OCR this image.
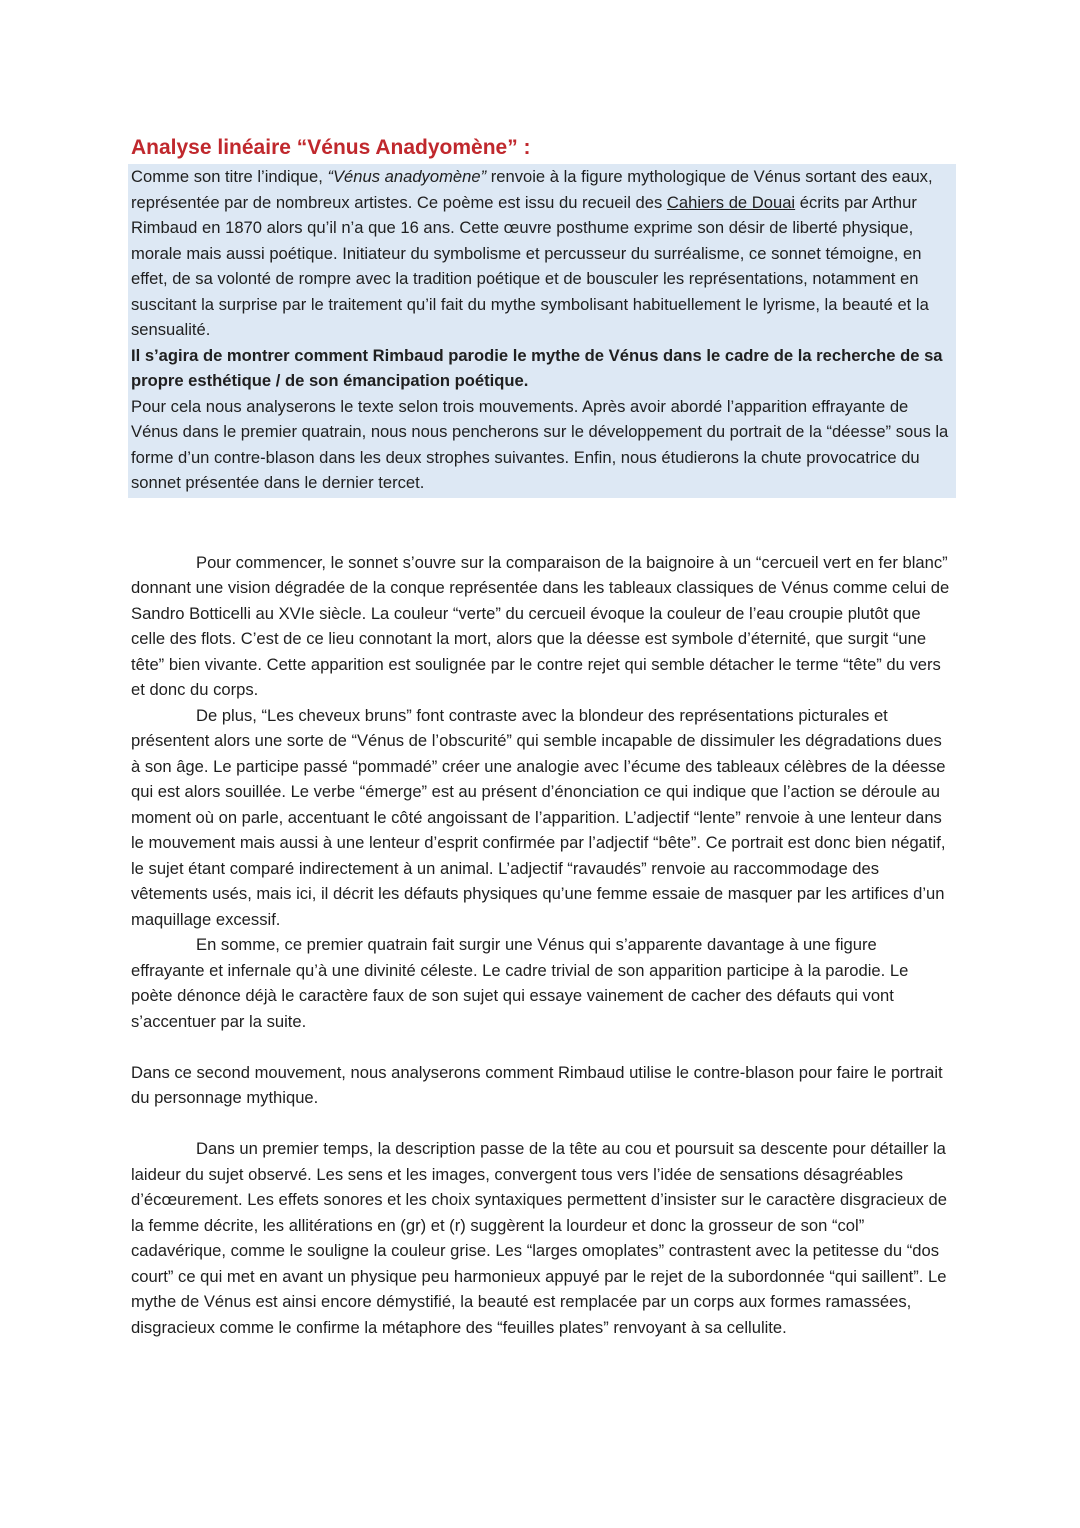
Analyse linéaire “Vénus Anadyomène” :

Comme son titre l’indique, “Vénus anadyomène” renvoie à la figure mythologique de Vénus sortant des eaux, représentée par de nombreux artistes. Ce poème est issu du recueil des Cahiers de Douai écrits par Arthur Rimbaud en 1870 alors qu’il n’a que 16 ans. Cette œuvre posthume exprime son désir de liberté physique, morale mais aussi poétique. Initiateur du symbolisme et percusseur du surréalisme, ce sonnet témoigne, en effet, de sa volonté de rompre avec la tradition poétique et de bousculer les représentations, notamment en suscitant la surprise par le traitement qu’il fait du mythe symbolisant habituellement le lyrisme, la beauté et la sensualité.

Il s’agira de montrer comment Rimbaud parodie le mythe de Vénus dans le cadre de la recherche de sa propre esthétique / de son émancipation poétique.

Pour cela nous analyserons le texte selon trois mouvements. Après avoir abordé l’apparition effrayante de Vénus dans le premier quatrain, nous nous pencherons sur le développement du portrait de la “déesse” sous la forme d’un contre-blason dans les deux strophes suivantes. Enfin, nous étudierons la chute provocatrice du sonnet présentée dans le dernier tercet.

Pour commencer, le sonnet s’ouvre sur la comparaison de la baignoire à un “cercueil vert en fer blanc” donnant une vision dégradée de la conque représentée dans les tableaux classiques de Vénus comme celui de Sandro Botticelli au XVIe siècle. La couleur “verte” du cercueil évoque la couleur de l’eau croupie plutôt que celle des flots. C’est de ce lieu connotant la mort, alors que la déesse est symbole d’éternité, que surgit “une tête” bien vivante. Cette apparition est soulignée par le contre rejet qui semble détacher le terme “tête” du vers et donc du corps.

De plus, “Les cheveux bruns” font contraste avec la blondeur des représentations picturales et présentent alors une sorte de “Vénus de l’obscurité” qui semble incapable de dissimuler les dégradations dues à son âge. Le participe passé “pommadé” créer une analogie avec l’écume des tableaux célèbres de la déesse qui est alors souillée. Le verbe “émerge” est au présent d’énonciation ce qui indique que l’action se déroule au moment où on parle, accentuant le côté angoissant de l’apparition. L’adjectif “lente” renvoie à une lenteur dans le mouvement mais aussi à une lenteur d’esprit confirmée par l’adjectif “bête”. Ce portrait est donc bien négatif, le sujet étant comparé indirectement à un animal. L’adjectif “ravaudés” renvoie au raccommodage des vêtements usés, mais ici, il décrit les défauts physiques qu’une femme essaie de masquer par les artifices d’un maquillage excessif.

En somme, ce premier quatrain fait surgir une Vénus qui s’apparente davantage à une figure effrayante et infernale qu’à une divinité céleste. Le cadre trivial de son apparition participe à la parodie. Le poète dénonce déjà le caractère faux de son sujet qui essaye vainement de cacher des défauts qui vont s’accentuer par la suite.

Dans ce second mouvement, nous analyserons comment Rimbaud utilise le contre-blason pour faire le portrait du personnage mythique.

Dans un premier temps, la description passe de la tête au cou et poursuit sa descente pour détailler la laideur du sujet observé. Les sens et les images, convergent tous vers l’idée de sensations désagréables d’écœurement. Les effets sonores et les choix syntaxiques permettent d’insister sur le caractère disgracieux de la femme décrite, les allitérations en (gr) et (r) suggèrent la lourdeur et donc la grosseur de son “col” cadavérique, comme le souligne la couleur grise. Les “larges omoplates” contrastent avec la petitesse du “dos court” ce qui met en avant un physique peu harmonieux appuyé par le rejet de la subordonnée “qui saillent”. Le mythe de Vénus est ainsi encore démystifié, la beauté est remplacée par un corps aux formes ramassées, disgracieux comme le confirme la métaphore des “feuilles plates” renvoyant à sa cellulite.
